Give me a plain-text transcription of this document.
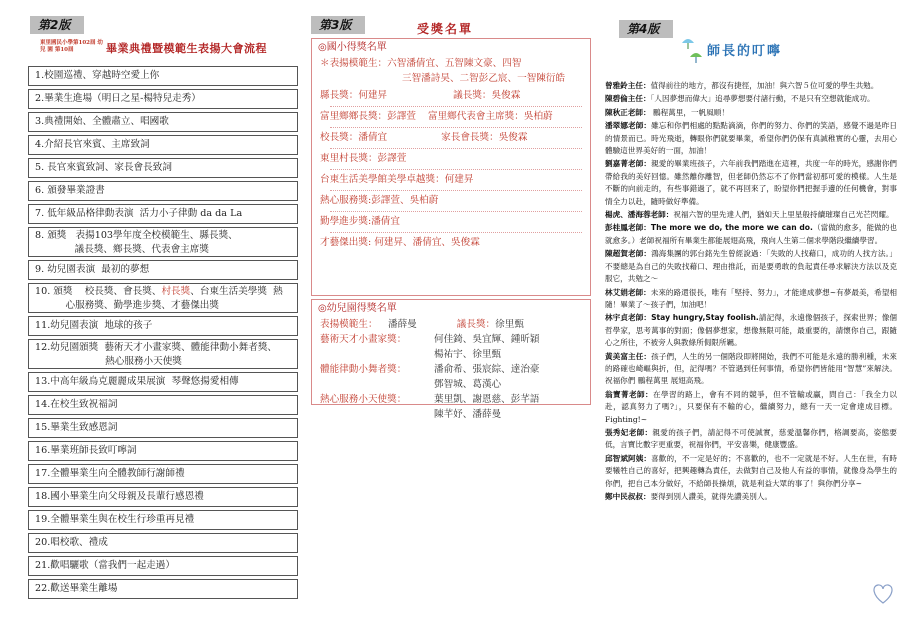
第2版
東里國民小學第102屆 幼 兒 園 第10屆	畢業典禮暨模範生表揚大會流程
1.校園巡禮、穿越時空愛上你
2.畢業生進場（明日之星-楊特兒走秀）
3.典禮開始、全體肅立、唱國歌
4.介紹長官來賓、主席致詞
5. 長官來賓致詞、家長會長致詞
6. 頒發畢業證書
7. 低年級品格律動表演  活力小子律動 da da La
8. 頒獎   表揚103學年度全校模範生、縣長獎、
議長獎、鄉長獎、代表會主席獎
9. 幼兒園表演  最初的夢想
10. 頒獎    校長獎、會長獎、村長獎、台東生活美學獎  熱
心服務獎、勤學進步獎、才藝傑出獎
11.幼兒園表演  地球的孩子
12.幼兒園頒獎  藝術天才小畫家獎、體能律動小舞者獎、
熱心服務小天使獎
13.中高年級烏克麗麗成果展演  琴聲悠揚愛相傳
14.在校生致祝福詞
15.畢業生致感恩詞
16.畢業班師長致叮嚀詞
17.全體畢業生向全體教師行謝師禮
18.國小畢業生向父母親及長輩行感恩禮
19.全體畢業生與在校生行珍重再見禮
20.唱校歌、禮成
21.歡唱驪歌（當我們一起走過）
22.歡送畢業生離場
第3版	受獎名單
◎國小得獎名單
＊表揚模範生：六智潘倩宜、五智陳文豪、四智
三智潘詩昊、二智彭乙宸、一智陳衍皓
縣長獎：何建昇	議長獎：吳俊霖
富里鄉鄉長獎：彭譯萱 富里鄉代表會主席獎：吳柏蔚
校長獎：潘倩宜	家長會長獎：吳俊霖
東里村長獎：彭譯萱
台東生活美學館美學卓越獎：何建昇
熱心服務獎:彭譯萱、吳柏蔚
勤學進步獎:潘倩宜
才藝傑出獎: 何建昇、潘倩宜、吳俊霖
◎幼兒園得獎名單
表揚模範生：	潘薛曼	議長獎： 徐里甄
藝術天才小畫家獎：	何佳錡、吳宜輝、鍾昕穎
楊祐宇、徐里甄
體能律動小舞者獎：	潘俞希、張宸綜、達治豪
鄧智城、葛漢心
熱心服務小天使獎：	葉里凱、謝恩慈、彭芊語
陳芊妤、潘薛曼
第4版
師長的叮嚀
曾雅鈴主任：值得前往的地方，都沒有捷徑，加油！與六智５位可愛的學生共勉。
陳碧倫主任：「人因夢想而偉大」追尋夢想要付諸行動，不是只有空想就能成功。
陳秋正老師： 鵬程萬里，一帆風順！
潘翠娜老師：雖忘和你們相處的點點滴滴，你們的努力、你們的笑語，感覺不過是昨日的情景而已。時光飛逝，轉眼你們就要畢業，希望你們仍保有真誠稚實的心靈，去用心體驗這世界美好的一面，加油！
劉嘉菁老師：親愛的畢業班孩子，六年前我們踏進在這裡，共度一年的時光，感謝你們帶給我的美好回憶。雖然離你離智，但老師仍然忘不了你們當初那可愛的模樣。人生是不斷的向前走的，有些事錯過了，就不再回來了，盼望你們把握手邊的任何機會，對事情全力以赴，隨時做好準備。
楊虎、潘海蓉老師：祝福六智的里先達人們，猶如天上里星般持續璀璨自己光芒閃耀。
彭桂鳳老師：The more we do, the more we can do.（當做的愈多，能做的也就愈多。）老師祝福所有畢業生都能展翅高飛，飛向人生第二個求學階段繼續學習。
陳超賀老師：鴻海集團的郭台銘先生曾經說過：「失敗的人找藉口，成功的人找方法。」不要總是為自己的失敗找藉口、理由推託，而是要勇敢的負起責任尋求解決方法以及克服它，共勉之～
林艾娟老師：未來的路還很長，唯有「堅持、努力」，才能達成夢想~有夢最美，希望相隨！畢業了～孩子們，加油吧！
林宇貞老師：Stay hungry,Stay foolish.請記得，永遠像個孩子，探索世界；像個哲學家，思考萬事的對面；像個夢想家，想像無限可能，最重要的，請懷你自己，跟隨心之所往，不被旁人與教條所侷限所羈。
黃美富主任：孩子們，人生的另一個階段即將開始，我們不可能是永遠的勝利種，未來的路確也崎嶇與折，但，記得嗎？不管遇到任何事情，希望你們皆能用“智慧”來解決。祝福你們 鵬程萬里 展翅高飛。
翁寶菁老師：在學習的路上，會有不同的競爭，但不管輸或贏，問自己：「我全力以赴，認真努力了嗎?」，只要保有不輸的心，繼續努力，總有一天一定會達成目標。Fighting!~
張秀妃老師：親愛的孩子們，請記得不可使誠實，慈愛溫馨你們，格調要高，姿態要低，言寶比數字更重要，祝福你們，平安喜樂，健康豐盛。
邱智斌阿姨：喜歡的，不一定是好的；不喜歡的，也不一定就是不好。人生在世，有時要犧牲自己的喜好，把興趣轉為責任，去做對自己及他人有益的事情，就像身為學生的你們，把自己本分做好，不給師長操煩，就是利益大眾的事了！與你們分享~
鄭中民叔叔：要得到別人讚美，就得先讚美別人。
